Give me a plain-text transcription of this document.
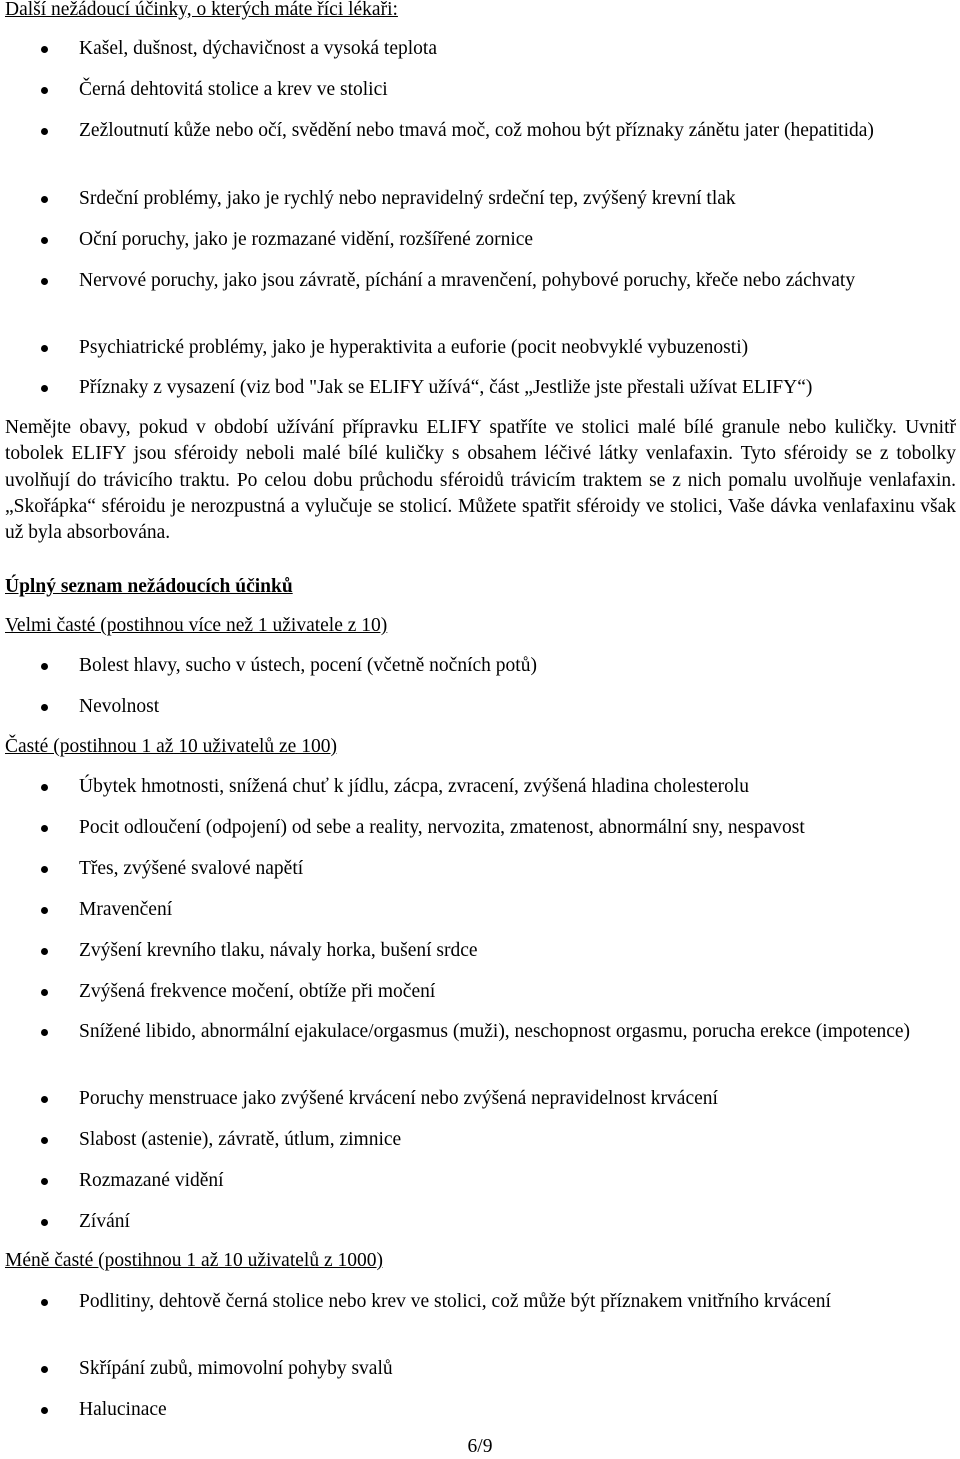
Další nežádoucí účinky, o kterých máte říci lékaři:
Kašel, dušnost, dýchavičnost a vysoká teplota
Černá dehtovitá stolice a krev ve stolici
Zežloutnutí kůže nebo očí, svědění nebo tmavá moč, což mohou být příznaky zánětu jater (hepatitida)
Srdeční problémy, jako je rychlý nebo nepravidelný srdeční tep, zvýšený krevní tlak
Oční poruchy, jako je rozmazané vidění, rozšířené zornice
Nervové poruchy, jako jsou závratě, píchání a mravenčení, pohybové poruchy, křeče nebo záchvaty
Psychiatrické problémy, jako je hyperaktivita a euforie (pocit neobvyklé vybuzenosti)
Příznaky z vysazení (viz bod "Jak se ELIFY užívá“, část „Jestliže jste přestali užívat ELIFY“)

Nemějte obavy, pokud v období užívání přípravku ELIFY spatříte ve stolici malé bílé granule nebo kuličky. Uvnitř tobolek ELIFY jsou sféroidy neboli malé bílé kuličky s obsahem léčivé látky venlafaxin. Tyto sféroidy se z tobolky uvolňují do trávicího traktu. Po celou dobu průchodu sféroidů trávicím traktem se z nich pomalu uvolňuje venlafaxin. „Skořápka“ sféroidu je nerozpustná a vylučuje se stolicí. Můžete spatřit sféroidy ve stolici, Vaše dávka venlafaxinu však už byla absorbována.

Úplný seznam nežádoucích účinků
Velmi časté (postihnou více než 1 uživatele z 10)
Bolest hlavy, sucho v ústech, pocení (včetně nočních potů)
Nevolnost
Časté (postihnou 1 až 10 uživatelů ze 100)
Úbytek hmotnosti, snížená chuť k jídlu, zácpa, zvracení, zvýšená hladina cholesterolu
Pocit odloučení (odpojení) od sebe a reality, nervozita, zmatenost, abnormální sny, nespavost
Třes, zvýšené svalové napětí
Mravenčení
Zvýšení krevního tlaku, návaly horka, bušení srdce
Zvýšená frekvence močení, obtíže při močení
Snížené libido, abnormální ejakulace/orgasmus (muži), neschopnost orgasmu, porucha erekce (impotence)
Poruchy menstruace jako zvýšené krvácení nebo zvýšená nepravidelnost krvácení
Slabost (astenie), závratě, útlum, zimnice
Rozmazané vidění
Zívání
Méně časté (postihnou 1 až 10 uživatelů z 1000)
Podlitiny, dehtově černá stolice nebo krev ve stolici, což může být příznakem vnitřního krvácení
Skřípání zubů, mimovolní pohyby svalů
Halucinace
6/9
